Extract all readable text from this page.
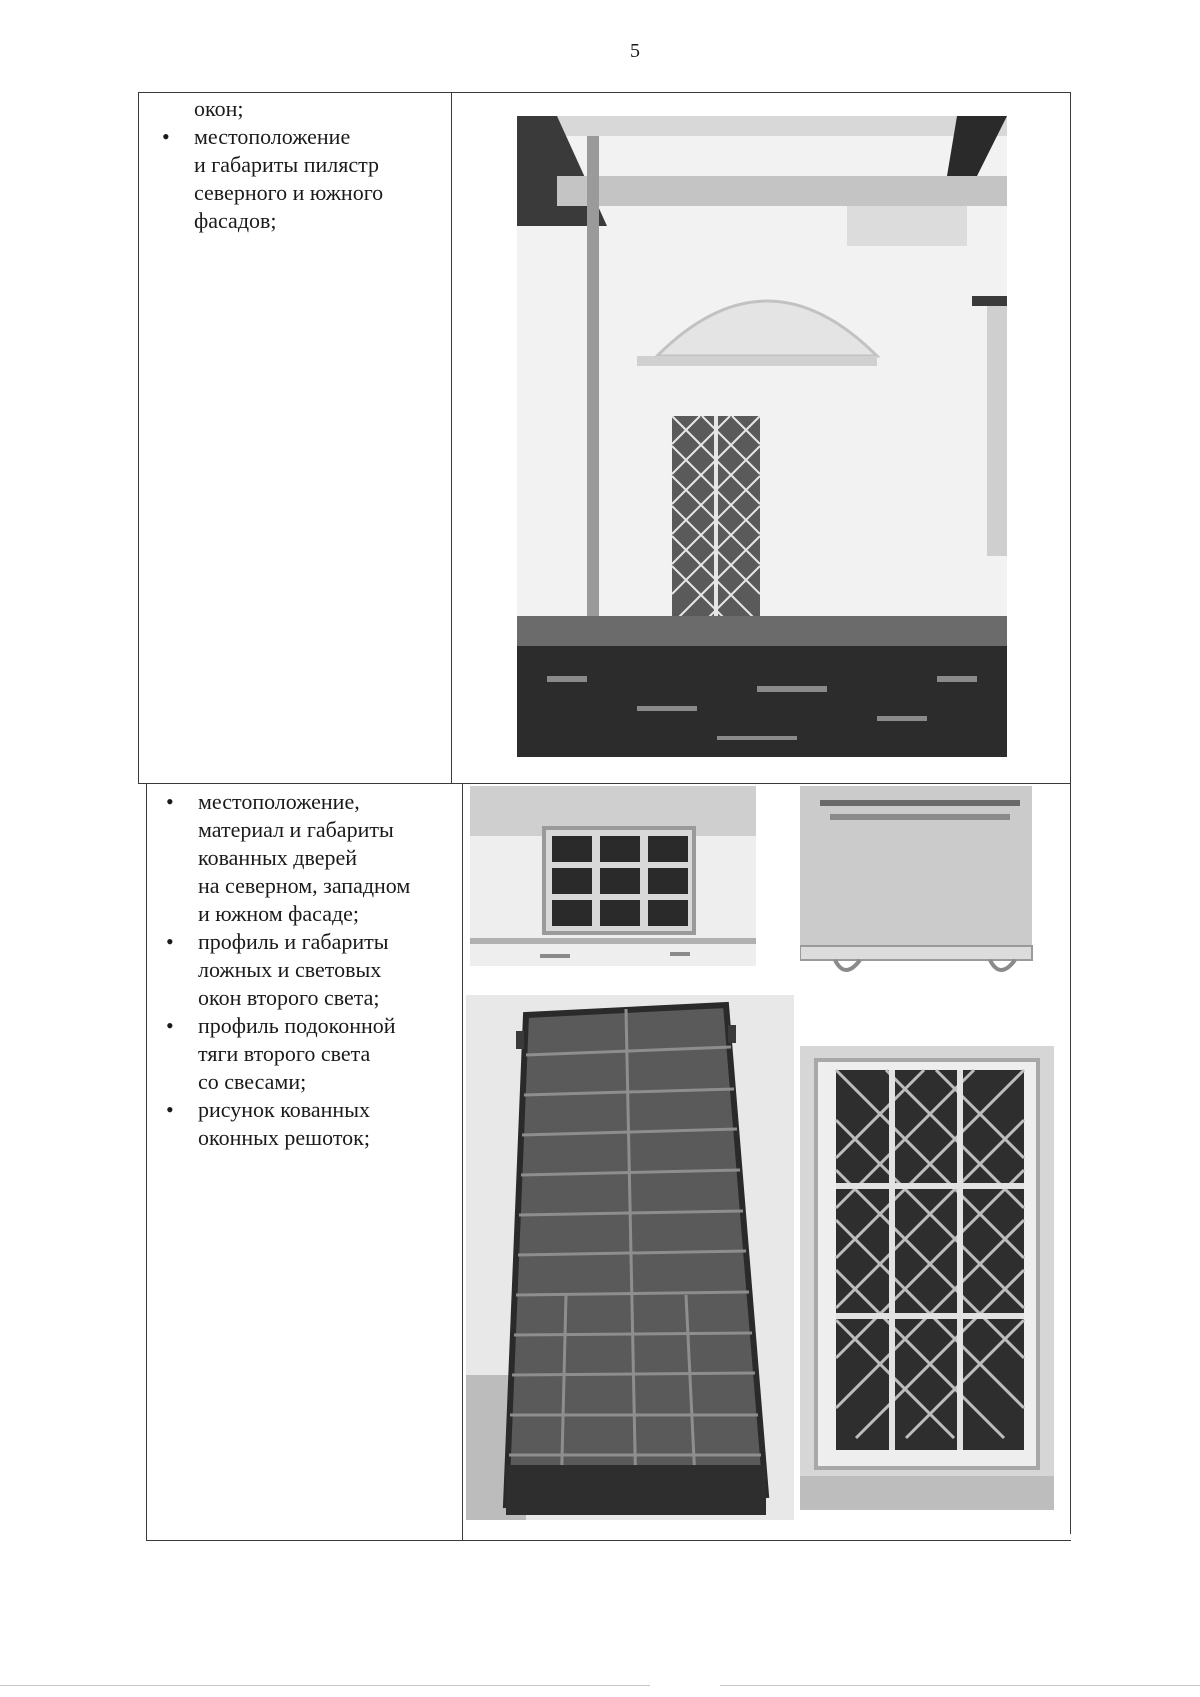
5
окон;
• местоположение
и габариты пилястр
северного и южного
фасадов;
• местоположение,
материал и габариты
кованных дверей
на северном, западном
и южном фасаде;
• профиль и габариты
ложных и световых
окон второго света;
• профиль подоконной
тяги второго света
со свесами;
• рисунок кованных
оконных решоток;
